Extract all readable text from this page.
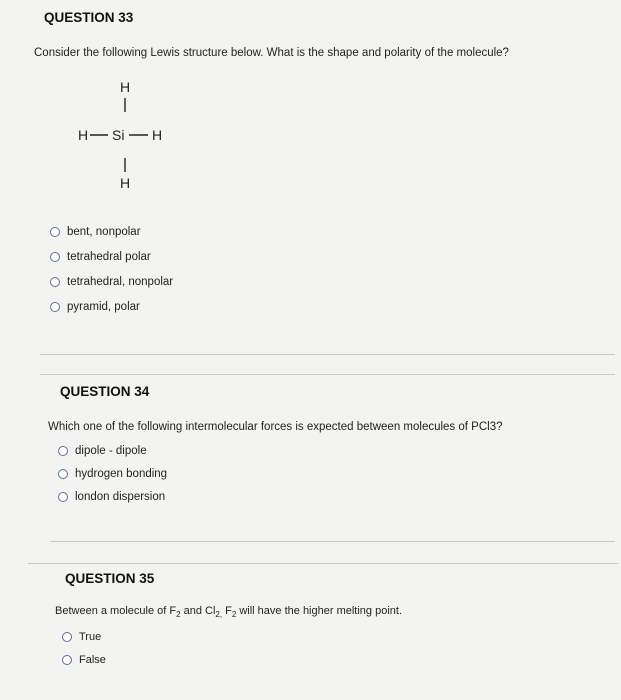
QUESTION 33
Consider the following Lewis structure below. What is the shape and polarity of the molecule?
H
H Si H
H
bent, nonpolar
tetrahedral polar
tetrahedral, nonpolar
pyramid, polar
QUESTION 34
Which one of the following intermolecular forces is expected between molecules of PCl3?
dipole - dipole
hydrogen bonding
london dispersion
QUESTION 35
Between a molecule of $F_2$ and $Cl_{2,}$ $F_2$ will have the higher melting point.
True
False
